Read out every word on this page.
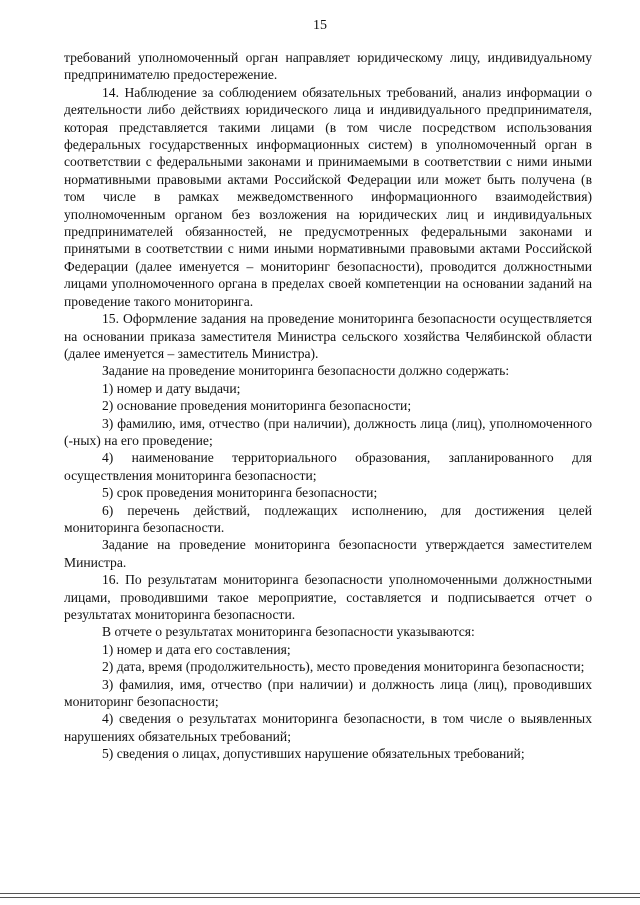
15

требований уполномоченный орган направляет юридическому лицу, индивидуальному предпринимателю предостережение.

14. Наблюдение за соблюдением обязательных требований, анализ информации о деятельности либо действиях юридического лица и индивидуального предпринимателя, которая представляется такими лицами (в том числе посредством использования федеральных государственных информационных систем) в уполномоченный орган в соответствии с федеральными законами и принимаемыми в соответствии с ними иными нормативными правовыми актами Российской Федерации или может быть получена (в том числе в рамках межведомственного информационного взаимодействия) уполномоченным органом без возложения на юридических лиц и индивидуальных предпринимателей обязанностей, не предусмотренных федеральными законами и принятыми в соответствии с ними иными нормативными правовыми актами Российской Федерации (далее именуется – мониторинг безопасности), проводится должностными лицами уполномоченного органа в пределах своей компетенции на основании заданий на проведение такого мониторинга.

15. Оформление задания на проведение мониторинга безопасности осуществляется на основании приказа заместителя Министра сельского хозяйства Челябинской области (далее именуется – заместитель Министра).

Задание на проведение мониторинга безопасности должно содержать:

1) номер и дату выдачи;

2) основание проведения мониторинга безопасности;

3) фамилию, имя, отчество (при наличии), должность лица (лиц), уполномоченного (-ных) на его проведение;

4) наименование территориального образования, запланированного для осуществления мониторинга безопасности;

5) срок проведения мониторинга безопасности;

6) перечень действий, подлежащих исполнению, для достижения целей мониторинга безопасности.

Задание на проведение мониторинга безопасности утверждается заместителем Министра.

16. По результатам мониторинга безопасности уполномоченными должностными лицами, проводившими такое мероприятие, составляется и подписывается отчет о результатах мониторинга безопасности.

В отчете о результатах мониторинга безопасности указываются:

1) номер и дата его составления;

2) дата, время (продолжительность), место проведения мониторинга безопасности;

3) фамилия, имя, отчество (при наличии) и должность лица (лиц), проводивших мониторинг безопасности;

4) сведения о результатах мониторинга безопасности, в том числе о выявленных нарушениях обязательных требований;

5) сведения о лицах, допустивших нарушение обязательных требований;
